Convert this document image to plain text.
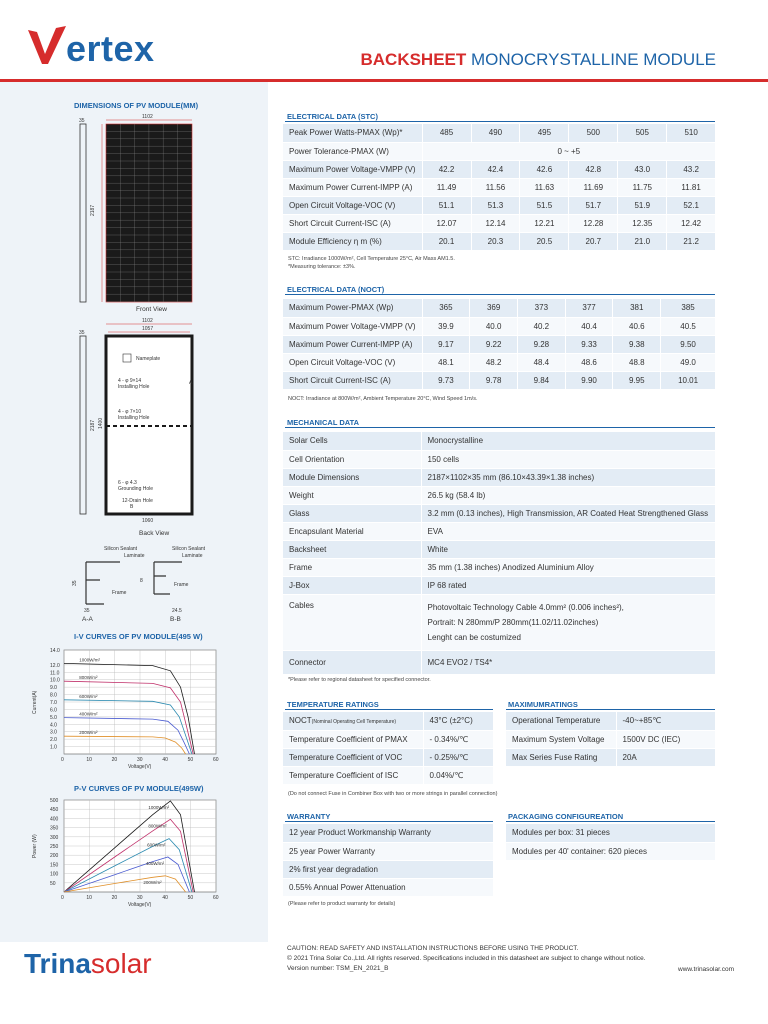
ertex	BACKSHEET MONOCRYSTALLINE MODULE
DIMENSIONS OF PV MODULE(MM)
1102
35
2187
Front View
1102
1057
35
2187 1400
Nameplate
4 - φ 9×14
Installing Hole
4 - φ 7×10
Installing Hole
6 - φ 4.3
Grounding Hole
12-Drain Hole
A
B
1060
Back View
Silicon Sealant
Laminate
Frame
Silicon Sealant
Laminate
Frame
35	8
35	24.5
A-A	B-B
I-V CURVES OF PV MODULE(495 W)
0	10	20	30	40	50	60
1.0
2.0
3.0
4.0
5.0
6.0
7.0
8.0
9.0
10.0
11.0
12.0
14.0
1000W/m²
800W/m²
600W/m²
400W/m²
200W/m²
Voltage(V)
Current(A)
P-V CURVES OF PV MODULE(495W)
0	10	20	30	40	50	60
50
100
150
200
250
300
350
400
450
500
1000W/m²
800W/m²
600W/m²
400W/m²
200W/m²
Voltage(V)
Power (W)
ELECTRICAL DATA (STC)
Peak Power Watts-PMAX (Wp)*	485	490	495	500	505	510
Power Tolerance-PMAX (W)	0 ~ +5					
Maximum Power Voltage-VMPP (V)	42.2	42.4	42.6	42.8	43.0	43.2
Maximum Power Current-IMPP (A)	11.49	11.56	11.63	11.69	11.75	11.81
Open Circuit Voltage-VOC (V)	51.1	51.3	51.5	51.7	51.9	52.1
Short Circuit Current-ISC (A)	12.07	12.14	12.21	12.28	12.35	12.42
Module Efficiency η m (%)	20.1	20.3	20.5	20.7	21.0	21.2
STC: Irradiance 1000W/m², Cell Temperature 25°C, Air Mass AM1.5.
*Measuring tolerance: ±3%.
ELECTRICAL DATA (NOCT)
Maximum Power-PMAX (Wp)	365	369	373	377	381	385
Maximum Power Voltage-VMPP (V)	39.9	40.0	40.2	40.4	40.6	40.5
Maximum Power Current-IMPP (A)	9.17	9.22	9.28	9.33	9.38	9.50
Open Circuit Voltage-VOC (V)	48.1	48.2	48.4	48.6	48.8	49.0
Short Circuit Current-ISC (A)	9.73	9.78	9.84	9.90	9.95	10.01
NOCT: Irradiance at 800W/m², Ambient Temperature 20°C, Wind Speed 1m/s.
MECHANICAL DATA
Solar Cells	Monocrystalline
Cell Orientation	150 cells
Module Dimensions	2187×1102×35 mm (86.10×43.39×1.38 inches)
Weight	26.5 kg (58.4 lb)
Glass	3.2 mm (0.13 inches), High Transmission, AR Coated Heat Strengthened Glass
Encapsulant Material	EVA
Backsheet	White
Frame	35 mm (1.38 inches) Anodized Aluminium Alloy
J-Box	IP 68 rated
Cables	Photovoltaic Technology Cable 4.0mm² (0.006 inches²),
Portrait: N 280mm/P 280mm(11.02/11.02inches)
Lenght can be costumized

Connector	MC4 EVO2 / TS4*
*Please refer to regional datasheet for specified connector.
TEMPERATURE RATINGS
NOCT(Nominal Operating Cell Temperature)	43°C (±2°C)
Temperature Coefficient of PMAX	- 0.34%/℃
Temperature Coefficient of VOC	- 0.25%/℃
Temperature Coefficient of ISC	0.04%/℃
MAXIMUMRATINGS
Operational Temperature	-40~+85℃
Maximum System Voltage	1500V DC (IEC)
Max Series Fuse Rating	20A
(Do not connect Fuse in Combiner Box with two or more strings in parallel connection)
WARRANTY
12 year Product Workmanship Warranty
25 year Power Warranty
2% first year degradation
0.55% Annual Power Attenuation
(Please refer to product warranty for details)
PACKAGING CONFIGUREATION
Modules per box: 31 pieces
Modules per 40' container: 620 pieces
Trinasolar	CAUTION: READ SAFETY AND INSTALLATION INSTRUCTIONS BEFORE USING THE PRODUCT.
© 2021 Trina Solar Co.,Ltd. All rights reserved. Specifications included in this datasheet are subject to change without notice.
Version number: TSM_EN_2021_B	www.trinasolar.com
